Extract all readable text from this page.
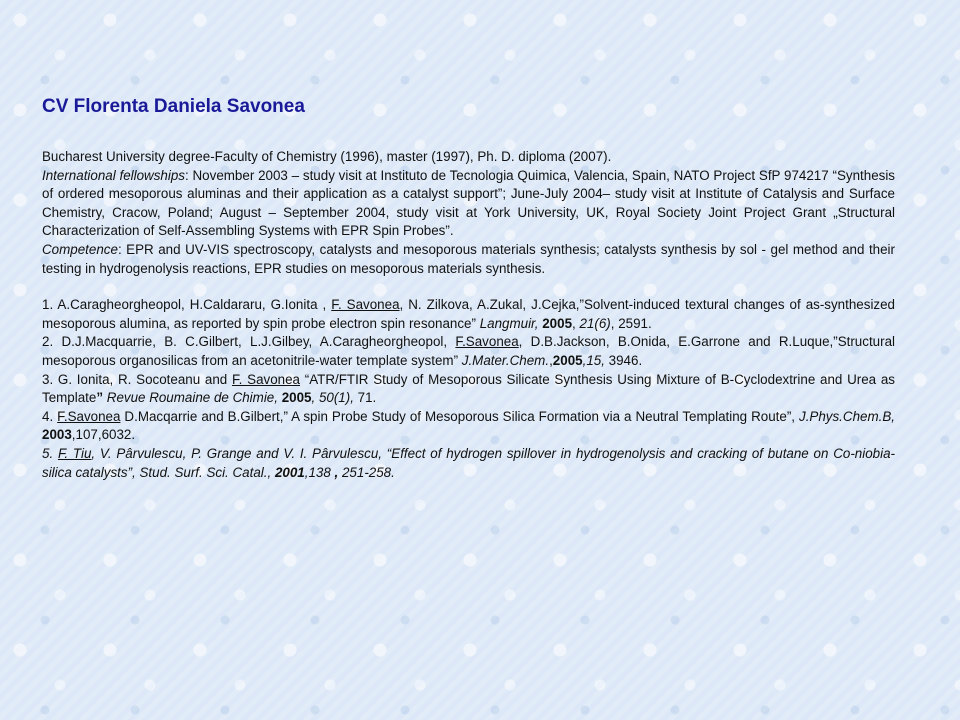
CV Florenta Daniela Savonea

Bucharest University degree-Faculty of Chemistry (1996), master (1997), Ph. D. diploma (2007).

International fellowships: November 2003 – study visit at Instituto de Tecnologia Quimica, Valencia, Spain, NATO Project SfP 974217 “Synthesis of ordered mesoporous aluminas and their application as a catalyst support”; June-July 2004– study visit at Institute of Catalysis and Surface Chemistry, Cracow, Poland; August – September 2004, study visit at York University, UK, Royal Society Joint Project Grant „Structural Characterization of Self-Assembling Systems with EPR Spin Probes”.

Competence: EPR and UV-VIS spectroscopy, catalysts and mesoporous materials synthesis; catalysts synthesis by sol - gel method and their testing in hydrogenolysis reactions, EPR studies on mesoporous materials synthesis.

1. A.Caragheorgheopol, H.Caldararu, G.Ionita , F. Savonea, N. Zilkova, A.Zukal, J.Cejka,”Solvent-induced textural changes of as-synthesized mesoporous alumina, as reported by spin probe electron spin resonance” Langmuir, 2005, 21(6), 2591.

2. D.J.Macquarrie, B. C.Gilbert, L.J.Gilbey, A.Caragheorgheopol, F.Savonea, D.B.Jackson, B.Onida, E.Garrone and R.Luque,”Structural mesoporous organosilicas from an acetonitrile-water template system” J.Mater.Chem.,2005,15, 3946.

3. G. Ionita, R. Socoteanu and F. Savonea “ATR/FTIR Study of Mesoporous Silicate Synthesis Using Mixture of Β-Cyclodextrine and Urea as Template” Revue Roumaine de Chimie, 2005, 50(1), 71.

4. F.Savonea D.Macqarrie and B.Gilbert,” A spin Probe Study of Mesoporous Silica Formation via a Neutral Templating Route”, J.Phys.Chem.B, 2003,107,6032.

5. F. Tiu, V. Pârvulescu, P. Grange and V. I. Pârvulescu, “Effect of hydrogen spillover in hydrogenolysis and cracking of butane on Co-niobia-silica catalysts”, Stud. Surf. Sci. Catal., 2001,138 , 251-258.
